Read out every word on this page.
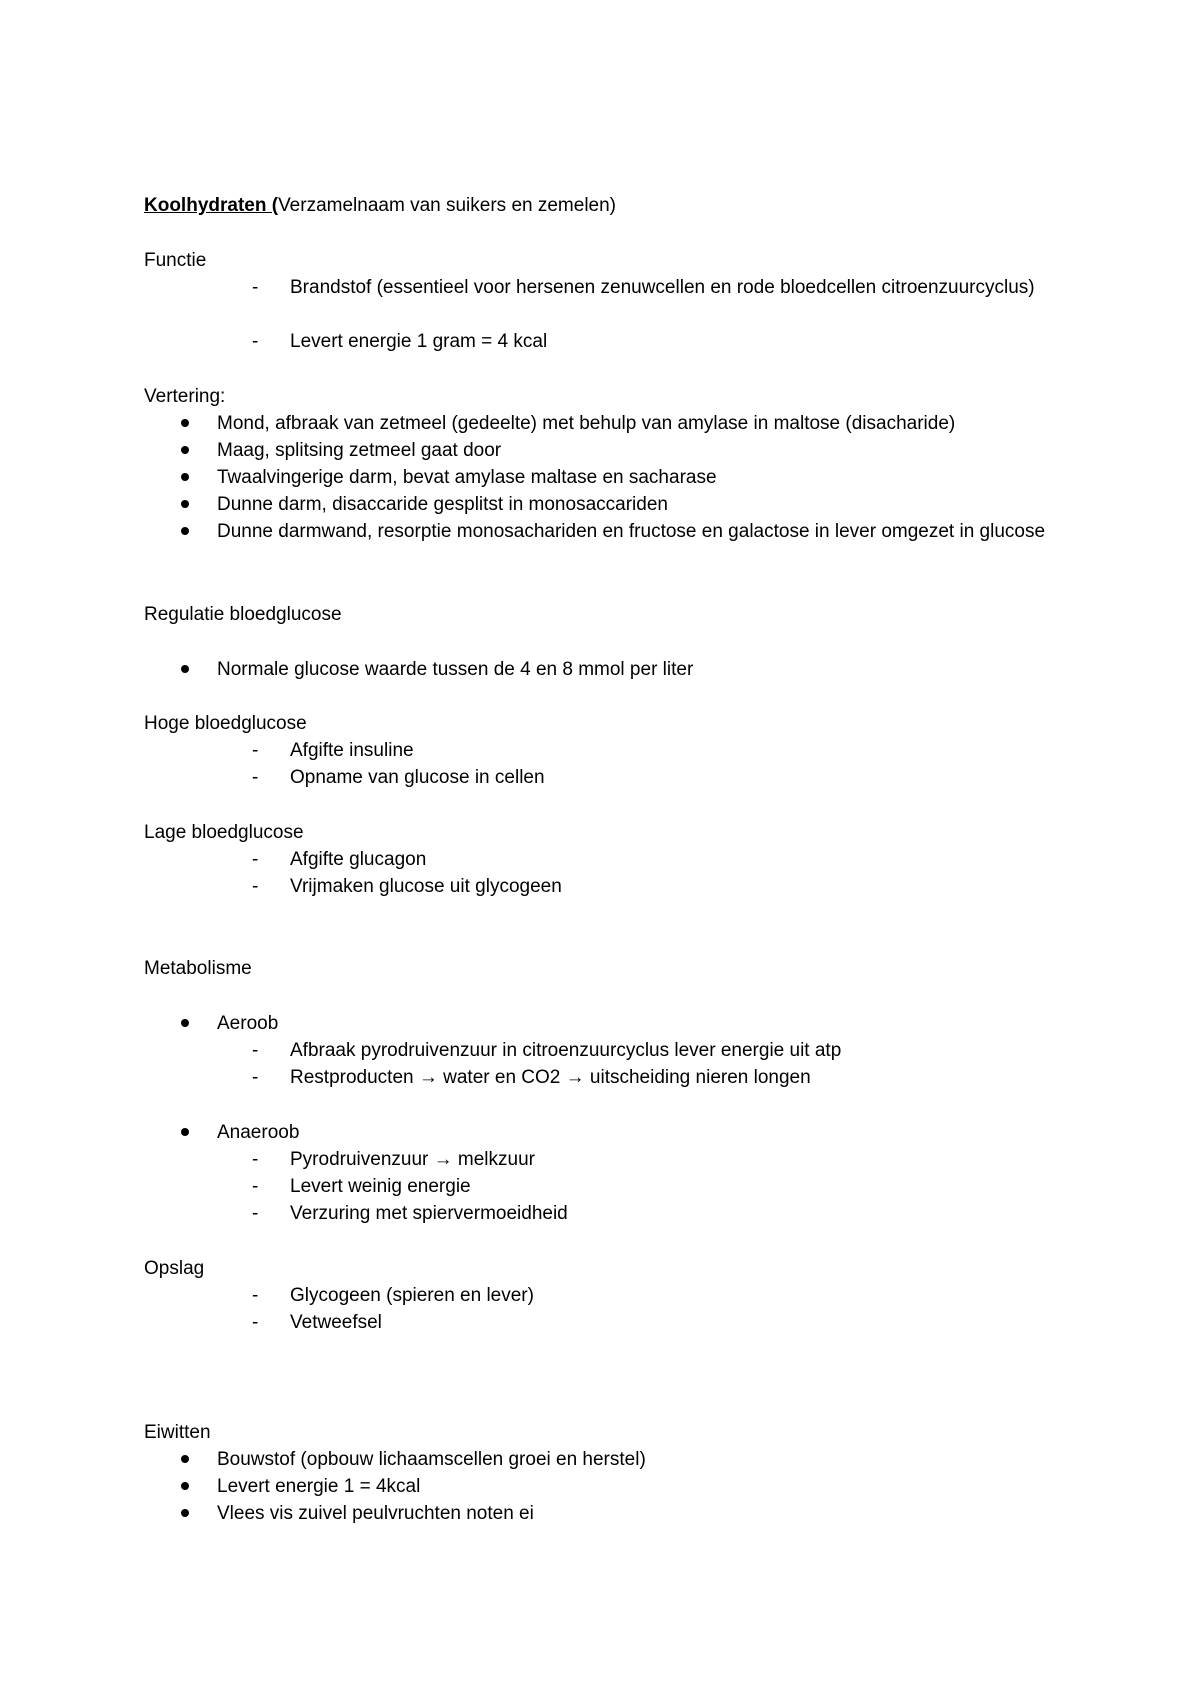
Koolhydraten (Verzamelnaam van suikers en zemelen)
Functie
- Brandstof (essentieel voor hersenen zenuwcellen en rode bloedcellen citroenzuurcyclus)
- Levert energie 1 gram = 4 kcal
Vertering:
Mond, afbraak van zetmeel (gedeelte) met behulp van amylase in maltose (disacharide)
Maag, splitsing zetmeel gaat door
Twaalvingerige darm, bevat amylase maltase en sacharase
Dunne darm, disaccaride gesplitst in monosaccariden
Dunne darmwand, resorptie monosachariden en fructose en galactose in lever omgezet in glucose
Regulatie bloedglucose
Normale glucose waarde tussen de 4 en 8 mmol per liter
Hoge bloedglucose
- Afgifte insuline
- Opname van glucose in cellen
Lage bloedglucose
- Afgifte glucagon
- Vrijmaken glucose uit glycogeen
Metabolisme
Aeroob
- Afbraak pyrodruivenzuur in citroenzuurcyclus lever energie uit atp
- Restproducten → water en CO2 → uitscheiding nieren longen
Anaeroob
- Pyrodruivenzuur → melkzuur
- Levert weinig energie
- Verzuring met spiervermoeidheid
Opslag
- Glycogeen (spieren en lever)
- Vetweefsel
Eiwitten
Bouwstof (opbouw lichaamscellen groei en herstel)
Levert energie 1 = 4kcal
Vlees vis zuivel peulvruchten noten ei
